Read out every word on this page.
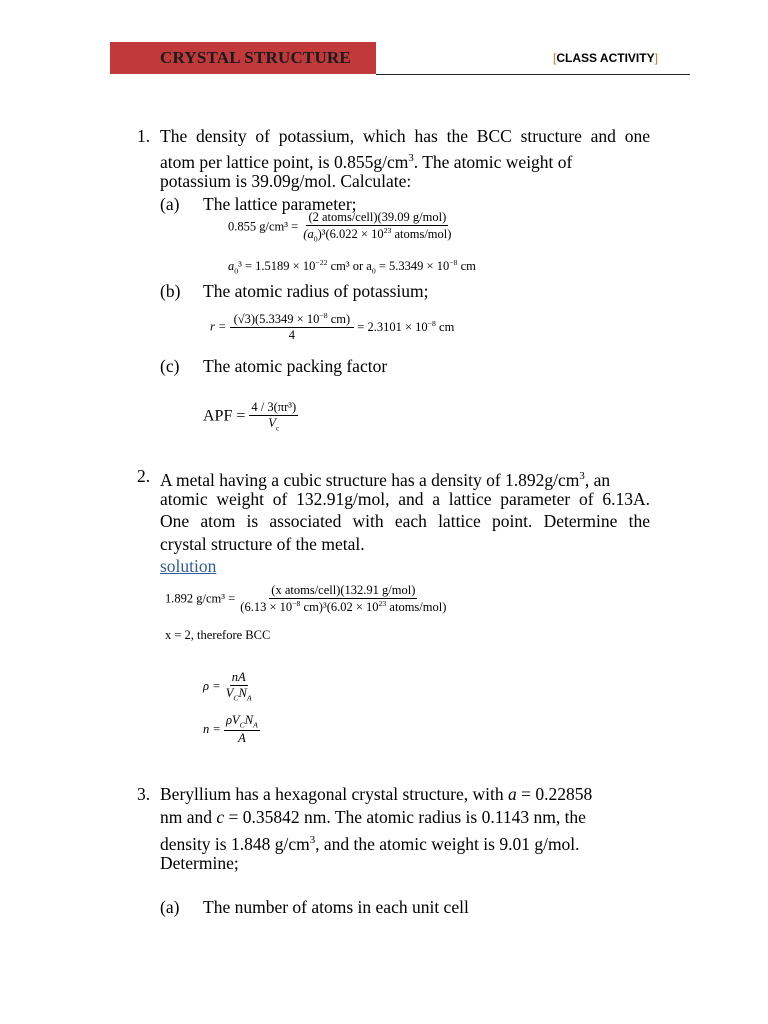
CRYSTAL STRUCTURE	[CLASS ACTIVITY]
1. The density of potassium, which has the BCC structure and one
atom per lattice point, is $0.855g/cm^3$. The atomic weight of
potassium is 39.09g/mol. Calculate:
(a) The lattice parameter;
0.855 $g/cm^3 = \frac{\text{(2 atoms/cell)(39.09 g/mol)}}{(a_0)^3(6.022 \times 10^{23} atoms/mol)}$
$a_0^3 = 1.5189 \times 10^{-22}$ cm³ or $a_0 = 5.3349 \times 10^{-8}$ cm
(b) The atomic radius of potassium;
$r = \frac{(√3)(5.3349 \times 10^{-8} cm)}{4} = 2.3101 \times 10^{-8}$ cm
(c) The atomic packing factor
APF = $\frac{\text{4 / 3(πr³)}}{V_c}$
2. A metal having a cubic structure has a density of $1.892g/cm^3$, an
atomic weight of 132.91g/mol, and a lattice parameter of 6.13A.
One atom is associated with each lattice point. Determine the
crystal structure of the metal.
solution
1.892 $g/cm^3 = \frac{\text{(x atoms/cell)(132.91 g/mol)}}{(6.13 \times 10^{-8} cm)^3(6.02 \times 10^{23} atoms/mol)}$
x = 2, therefore BCC
$\rho = \frac{nA}{V_CN_A}$
$n = \frac{\rho V_CN_A}{A}$
3. Beryllium has a hexagonal crystal structure, with a = 0.22858
nm and c = 0.35842 nm. The atomic radius is 0.1143 nm, the
density is 1.848 $g/cm^3$, and the atomic weight is 9.01 g/mol.
Determine;
(a) The number of atoms in each unit cell
